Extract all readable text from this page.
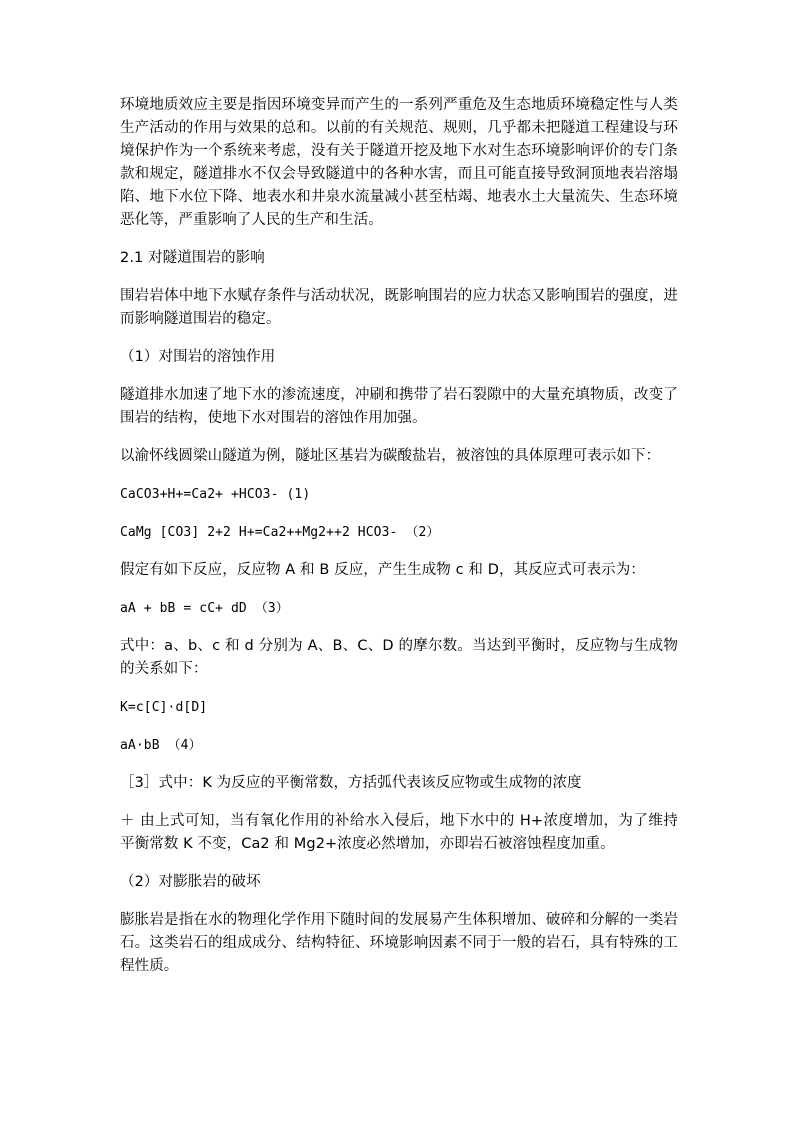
环境地质效应主要是指因环境变异而产生的一系列严重危及生态地质环境稳定性与人类生产活动的作用与效果的总和。以前的有关规范、规则，几乎都未把隧道工程建设与环境保护作为一个系统来考虑，没有关于隧道开挖及地下水对生态环境影响评价的专门条款和规定，隧道排水不仅会导致隧道中的各种水害，而且可能直接导致洞顶地表岩溶塌陷、地下水位下降、地表水和井泉水流量减小甚至枯竭、地表水土大量流失、生态环境恶化等，严重影响了人民的生产和生活。

2.1 对隧道围岩的影响

围岩岩体中地下水赋存条件与活动状况，既影响围岩的应力状态又影响围岩的强度，进而影响隧道围岩的稳定。

（1）对围岩的溶蚀作用

隧道排水加速了地下水的渗流速度，冲刷和携带了岩石裂隙中的大量充填物质，改变了围岩的结构，使地下水对围岩的溶蚀作用加强。

以渝怀线圆梁山隧道为例，隧址区基岩为碳酸盐岩，被溶蚀的具体原理可表示如下：

CaCO3+H+=Ca2+ +HCO3- (1)

CaMg [CO3] 2+2 H+=Ca2++Mg2++2 HCO3- （2）

假定有如下反应，反应物 A 和 B 反应，产生生成物 c 和 D，其反应式可表示为：

aA + bB = cC+ dD （3）

式中：a、b、c 和 d 分别为 A、B、C、D 的摩尔数。当达到平衡时，反应物与生成物的关系如下：

K=c[C]·d[D]

aA·bB （4）

［3］式中：K 为反应的平衡常数，方括弧代表该反应物或生成物的浓度

＋ 由上式可知，当有氧化作用的补给水入侵后，地下水中的 H+浓度增加，为了维持平衡常数 K 不变，Ca2 和 Mg2+浓度必然增加，亦即岩石被溶蚀程度加重。

（2）对膨胀岩的破坏

膨胀岩是指在水的物理化学作用下随时间的发展易产生体积增加、破碎和分解的一类岩石。这类岩石的组成成分、结构特征、环境影响因素不同于一般的岩石，具有特殊的工程性质。
